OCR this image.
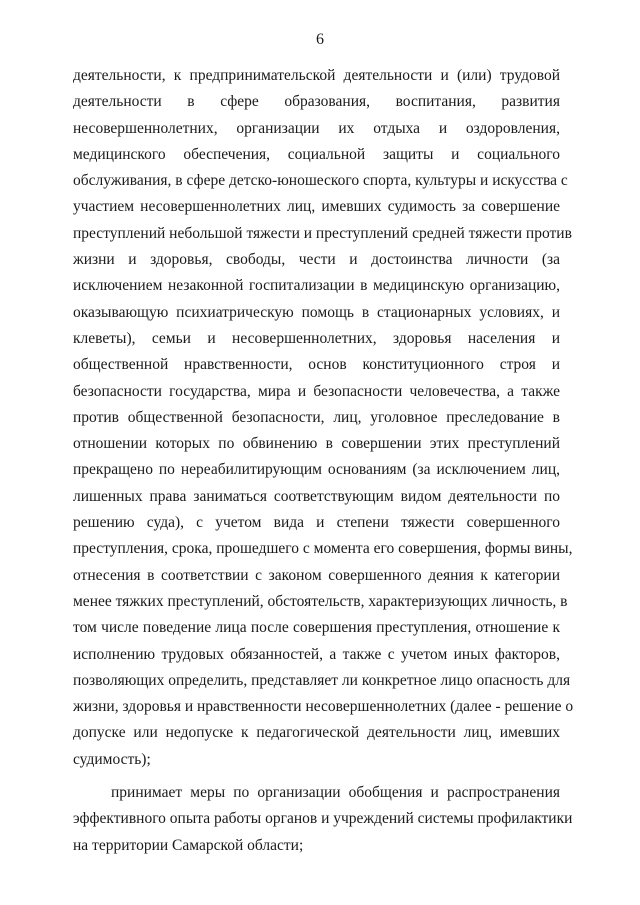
6
деятельности, к предпринимательской деятельности и (или) трудовой
деятельности в сфере образования, воспитания, развития
несовершеннолетних, организации их отдыха и оздоровления,
медицинского обеспечения, социальной защиты и социального
обслуживания, в сфере детско-юношеского спорта, культуры и искусства с
участием несовершеннолетних лиц, имевших судимость за совершение
преступлений небольшой тяжести и преступлений средней тяжести против
жизни и здоровья, свободы, чести и достоинства личности (за
исключением незаконной госпитализации в медицинскую организацию,
оказывающую психиатрическую помощь в стационарных условиях, и
клеветы), семьи и несовершеннолетних, здоровья населения и
общественной нравственности, основ конституционного строя и
безопасности государства, мира и безопасности человечества, а также
против общественной безопасности, лиц, уголовное преследование в
отношении которых по обвинению в совершении этих преступлений
прекращено по нереабилитирующим основаниям (за исключением лиц,
лишенных права заниматься соответствующим видом деятельности по
решению суда), с учетом вида и степени тяжести совершенного
преступления, срока, прошедшего с момента его совершения, формы вины,
отнесения в соответствии с законом совершенного деяния к категории
менее тяжких преступлений, обстоятельств, характеризующих личность, в
том числе поведение лица после совершения преступления, отношение к
исполнению трудовых обязанностей, а также с учетом иных факторов,
позволяющих определить, представляет ли конкретное лицо опасность для
жизни, здоровья и нравственности несовершеннолетних (далее - решение о
допуске или недопуске к педагогической деятельности лиц, имевших
судимость);
принимает меры по организации обобщения и распространения
эффективного опыта работы органов и учреждений системы профилактики
на территории Самарской области;
